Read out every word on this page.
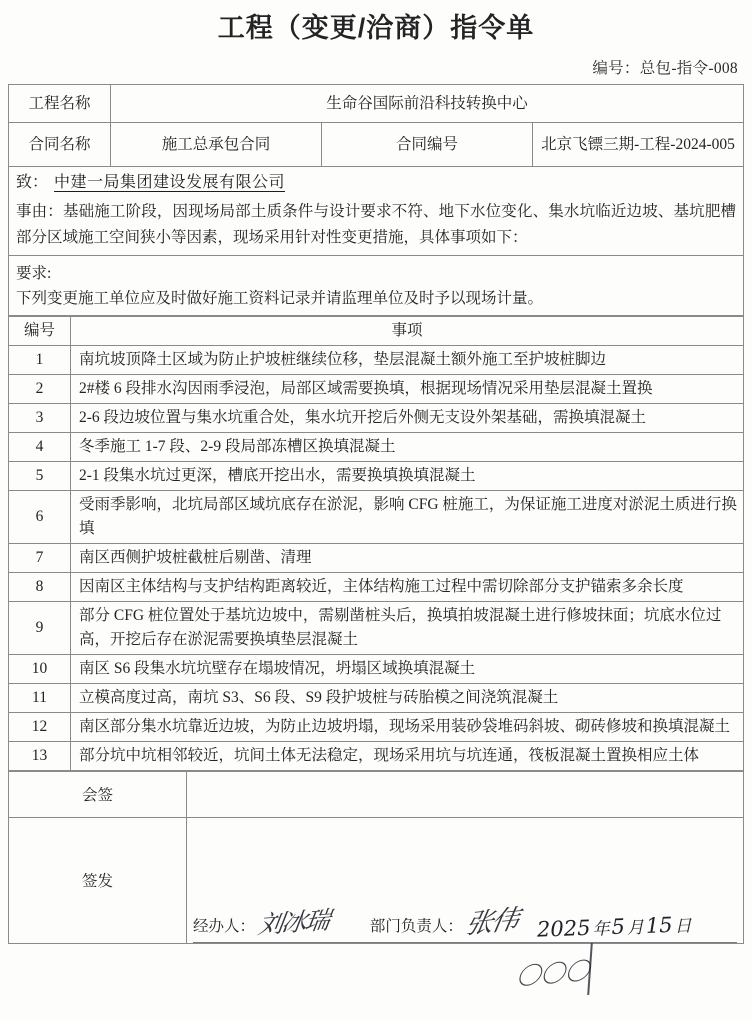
工程（变更/洽商）指令单
编号：总包-指令-008
工程名称	生命谷国际前沿科技转换中心		
合同名称	施工总承包合同	合同编号	北京飞镖三期-工程-2024-005
致： 中建一局集团建设发展有限公司
事由：基础施工阶段，因现场局部土质条件与设计要求不符、地下水位变化、集水坑临近边坡、基坑肥槽部分区域施工空间狭小等因素，现场采用针对性变更措施，具体事项如下：
要求:
下列变更施工单位应及时做好施工资料记录并请监理单位及时予以现场计量。
编号	事项
1	南坑坡顶降土区域为防止护坡桩继续位移，垫层混凝土额外施工至护坡桩脚边
2	2#楼 6 段排水沟因雨季浸泡，局部区域需要换填，根据现场情况采用垫层混凝土置换
3	2-6 段边坡位置与集水坑重合处，集水坑开挖后外侧无支设外架基础，需换填混凝土
4	冬季施工 1-7 段、2-9 段局部冻槽区换填混凝土
5	2-1 段集水坑过更深，槽底开挖出水，需要换填换填混凝土
6	受雨季影响，北坑局部区域坑底存在淤泥，影响 CFG 桩施工，为保证施工进度对淤泥土质进行换填
7	南区西侧护坡桩截桩后剔凿、清理
8	因南区主体结构与支护结构距离较近，主体结构施工过程中需切除部分支护锚索多余长度
9	部分 CFG 桩位置处于基坑边坡中，需剔凿桩头后，换填拍坡混凝土进行修坡抹面；坑底水位过高，开挖后存在淤泥需要换填垫层混凝土
10	南区 S6 段集水坑坑壁存在塌坡情况，坍塌区域换填混凝土
11	立模高度过高，南坑 S3、S6 段、S9 段护坡桩与砖胎模之间浇筑混凝土
12	南区部分集水坑靠近边坡，为防止边坡坍塌，现场采用装砂袋堆码斜坡、砌砖修坡和换填混凝土
13	部分坑中坑相邻较近，坑间土体无法稳定，现场采用坑与坑连通，筏板混凝土置换相应土体
会签	
签发	经办人： 刘冰瑞 部门负责人： 张伟 2025年5月15日
〇〇〇
